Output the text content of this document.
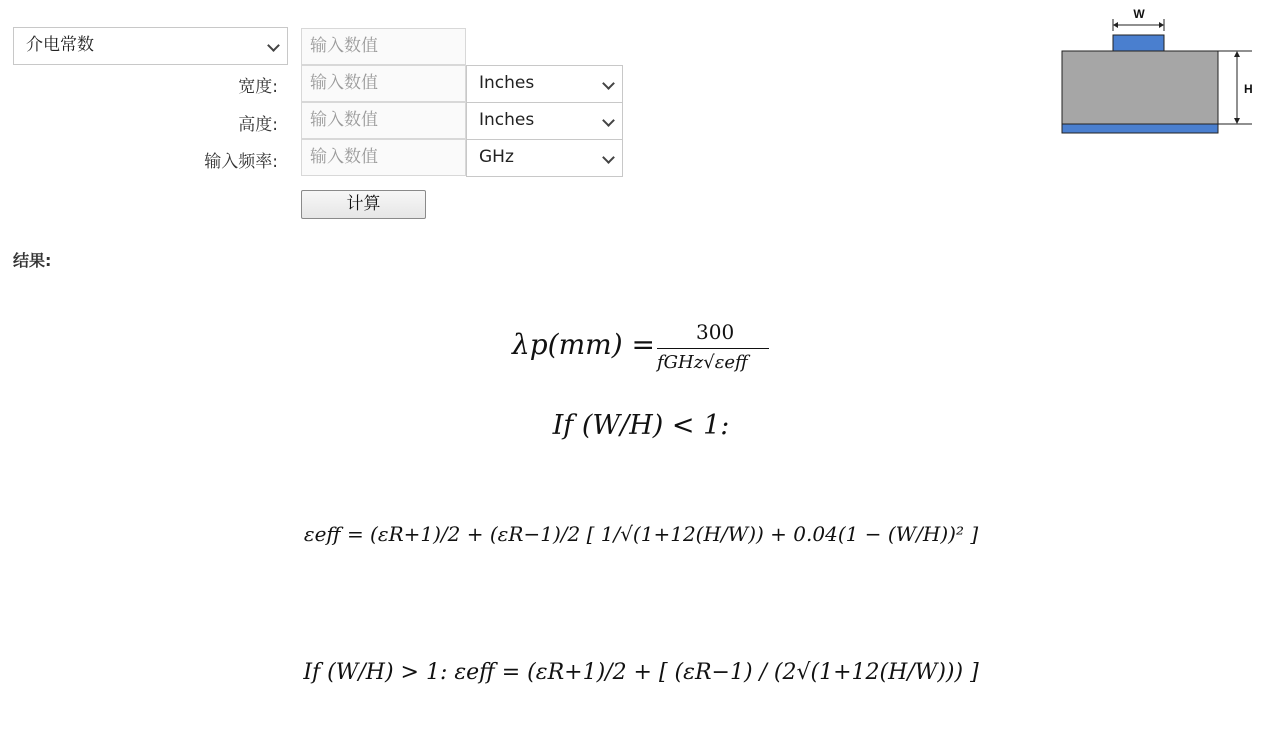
介电常数	输入数值
宽度:	输入数值	Inches
高度:	输入数值	Inches
输入频率:	输入数值	GHz
计算
结果:
W
H
λp(mm) = 300
fGHz√εeff
If (W/H) < 1:
εeff = (εR+1)/2 + (εR−1)/2 [ 1/√(1+12(H/W)) + 0.04(1 − (W/H))² ]
If (W/H) > 1: εeff = (εR+1)/2 + [ (εR−1) / (2√(1+12(H/W))) ]
